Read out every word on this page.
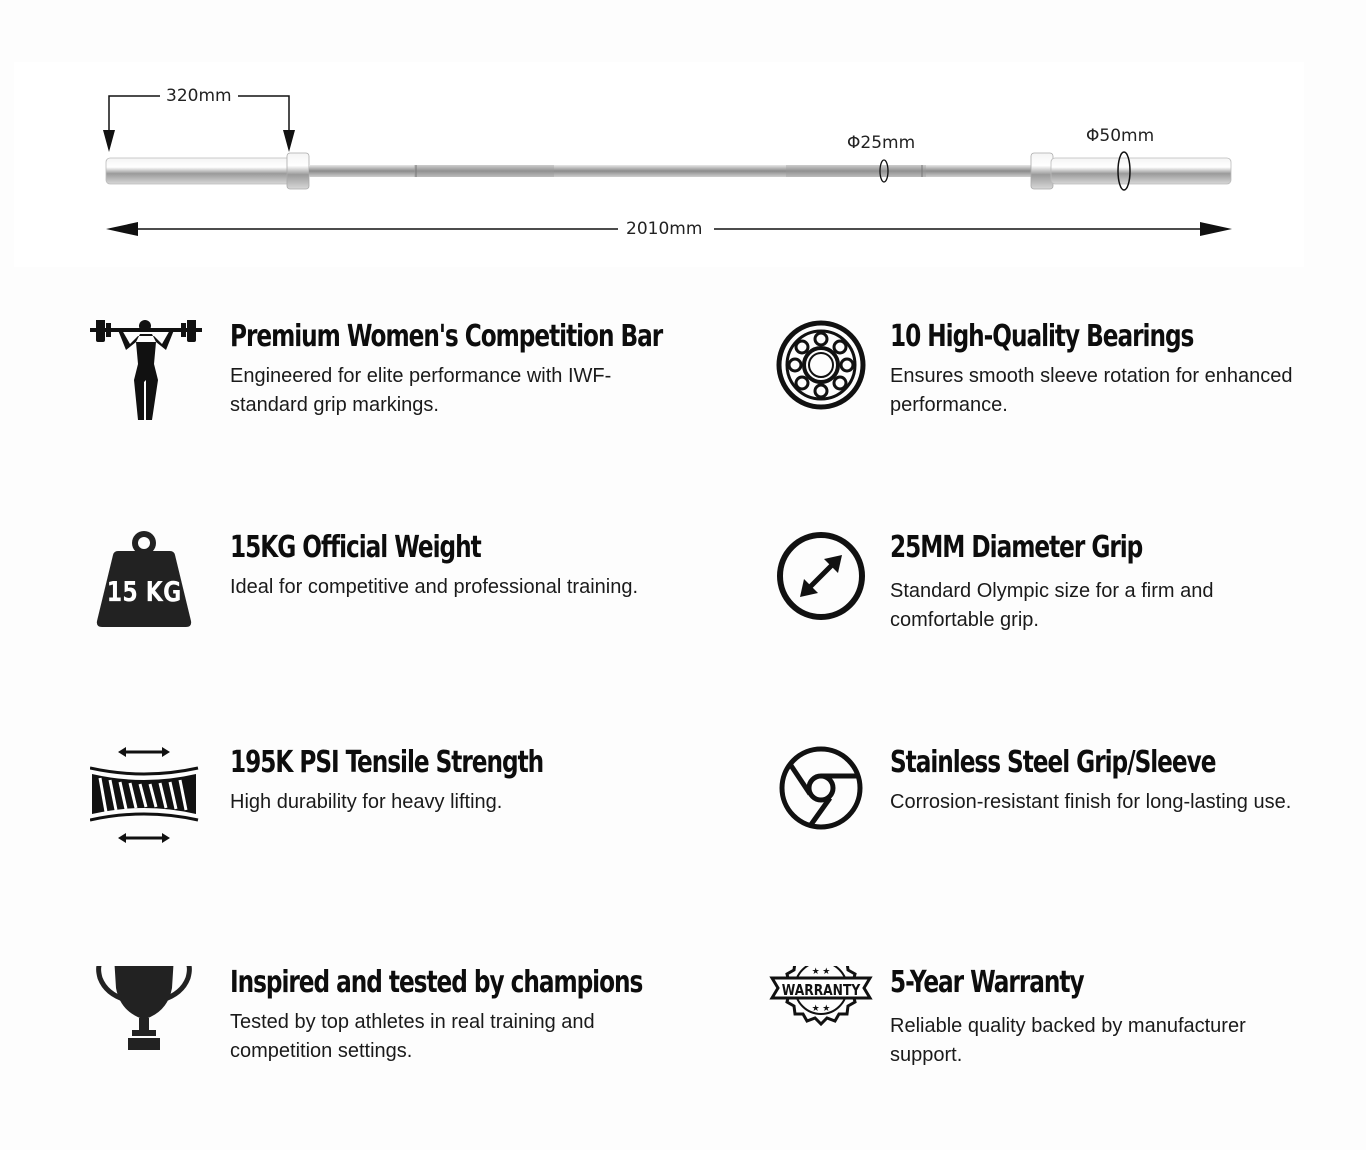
320mm
Φ25mm	Φ50mm
2010mm
Premium Women's Competition Bar
Engineered for elite performance with IWF-standard grip markings.
10 High-Quality Bearings
Ensures smooth sleeve rotation for enhanced performance.
15 KG
15KG Official Weight
Ideal for competitive and professional training.
25MM Diameter Grip
Standard Olympic size for a firm and comfortable grip.
195K PSI Tensile Strength
High durability for heavy lifting.
Stainless Steel Grip/Sleeve
Corrosion-resistant finish for long-lasting use.
Inspired and tested by champions
Tested by top athletes in real training and competition settings.
WARRANTY
★ ★
★ ★
5-Year Warranty
Reliable quality backed by manufacturer support.
